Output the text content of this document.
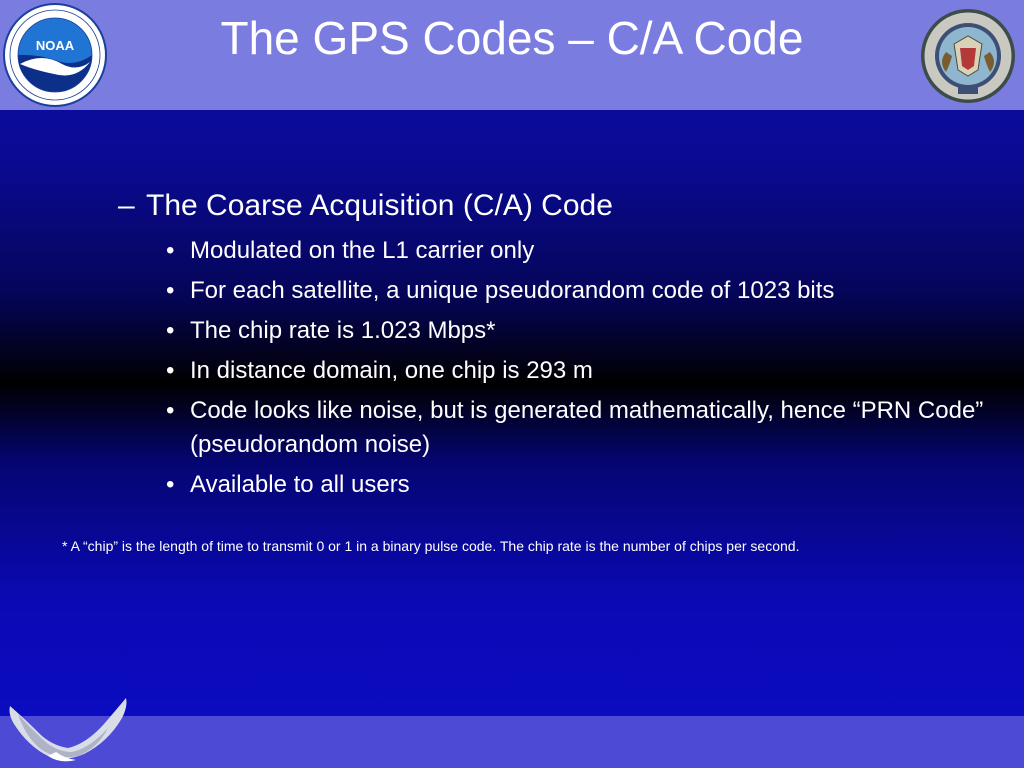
NOAA	The GPS Codes – C/A Code
– The Coarse Acquisition (C/A) Code
• Modulated on the L1 carrier only
• For each satellite, a unique pseudorandom code of 1023 bits
• The chip rate is 1.023 Mbps*
• In distance domain, one chip is 293 m
• Code looks like noise, but is generated mathematically, hence “PRN Code” (pseudorandom noise)
• Available to all users
* A “chip” is the length of time to transmit 0 or 1 in a binary pulse code. The chip rate is the number of chips per second.
